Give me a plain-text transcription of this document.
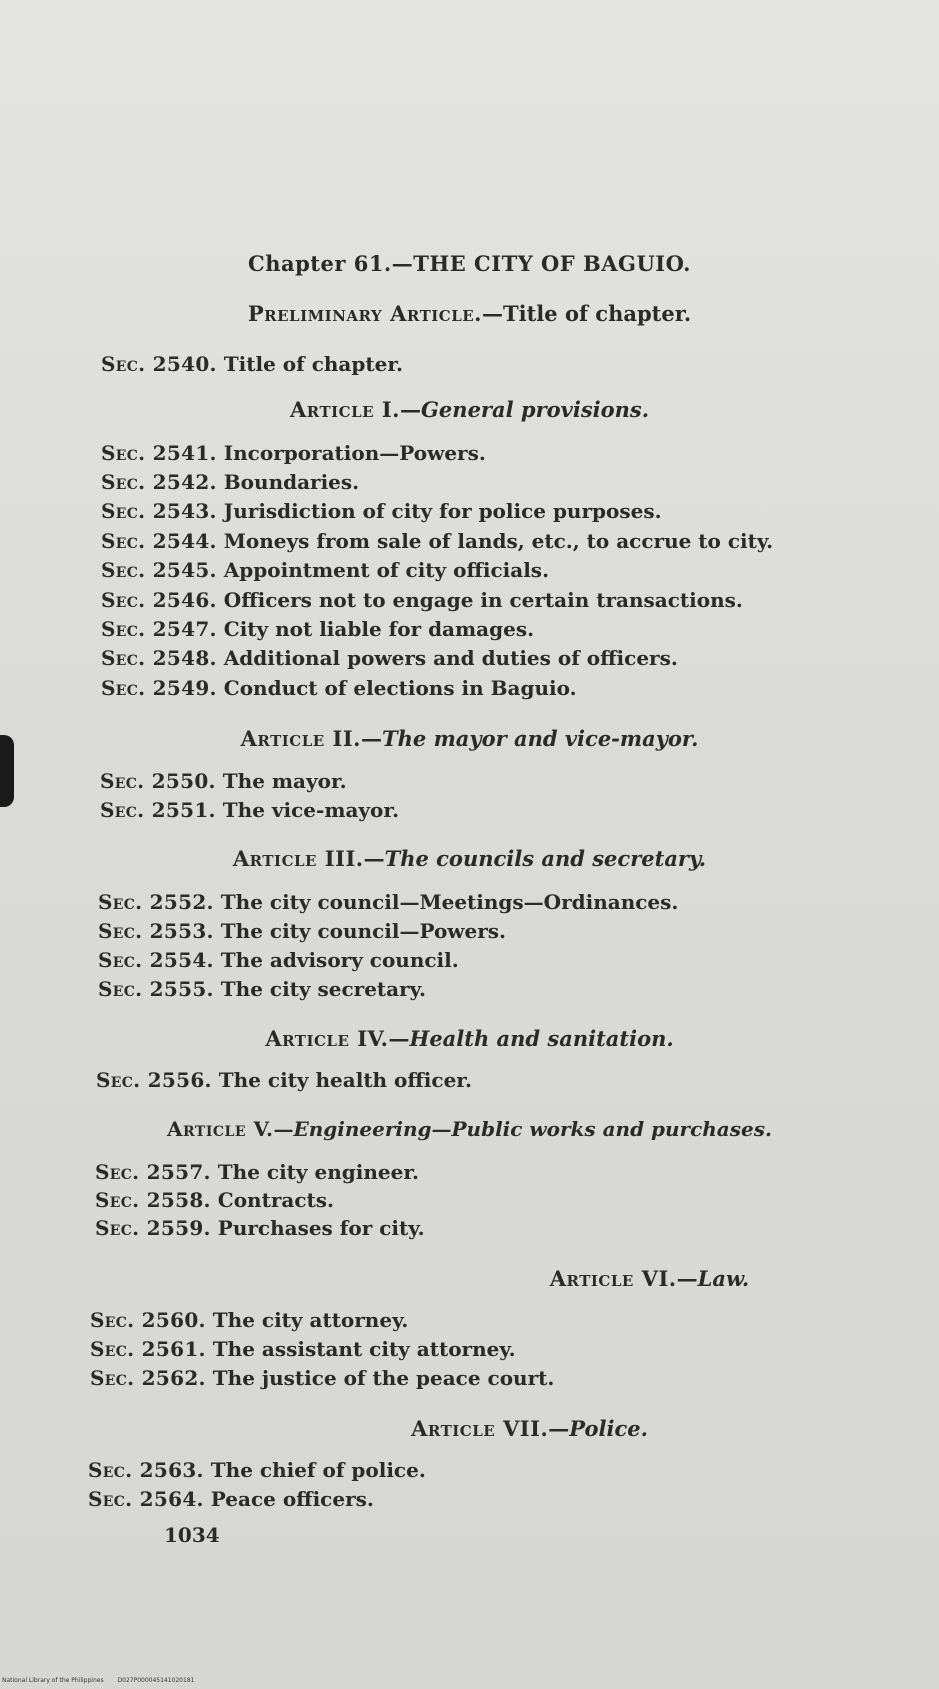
Chapter 61.—THE CITY OF BAGUIO.
Preliminary Article.—Title of chapter.
Sec. 2540. Title of chapter.
Article I.—General provisions.
Sec. 2541. Incorporation—Powers.
Sec. 2542. Boundaries.
Sec. 2543. Jurisdiction of city for police purposes.
Sec. 2544. Moneys from sale of lands, etc., to accrue to city.
Sec. 2545. Appointment of city officials.
Sec. 2546. Officers not to engage in certain transactions.
Sec. 2547. City not liable for damages.
Sec. 2548. Additional powers and duties of officers.
Sec. 2549. Conduct of elections in Baguio.
Article II.—The mayor and vice-mayor.
Sec. 2550. The mayor.
Sec. 2551. The vice-mayor.
Article III.—The councils and secretary.
Sec. 2552. The city council—Meetings—Ordinances.
Sec. 2553. The city council—Powers.
Sec. 2554. The advisory council.
Sec. 2555. The city secretary.
Article IV.—Health and sanitation.
Sec. 2556. The city health officer.
Article V.—Engineering—Public works and purchases.
Sec. 2557. The city engineer.
Sec. 2558. Contracts.
Sec. 2559. Purchases for city.
Article VI.—Law.
Sec. 2560. The city attorney.
Sec. 2561. The assistant city attorney.
Sec. 2562. The justice of the peace court.
Article VII.—Police.
Sec. 2563. The chief of police.
Sec. 2564. Peace officers.
1034
National Library of the Philippines D027P000045141020181
